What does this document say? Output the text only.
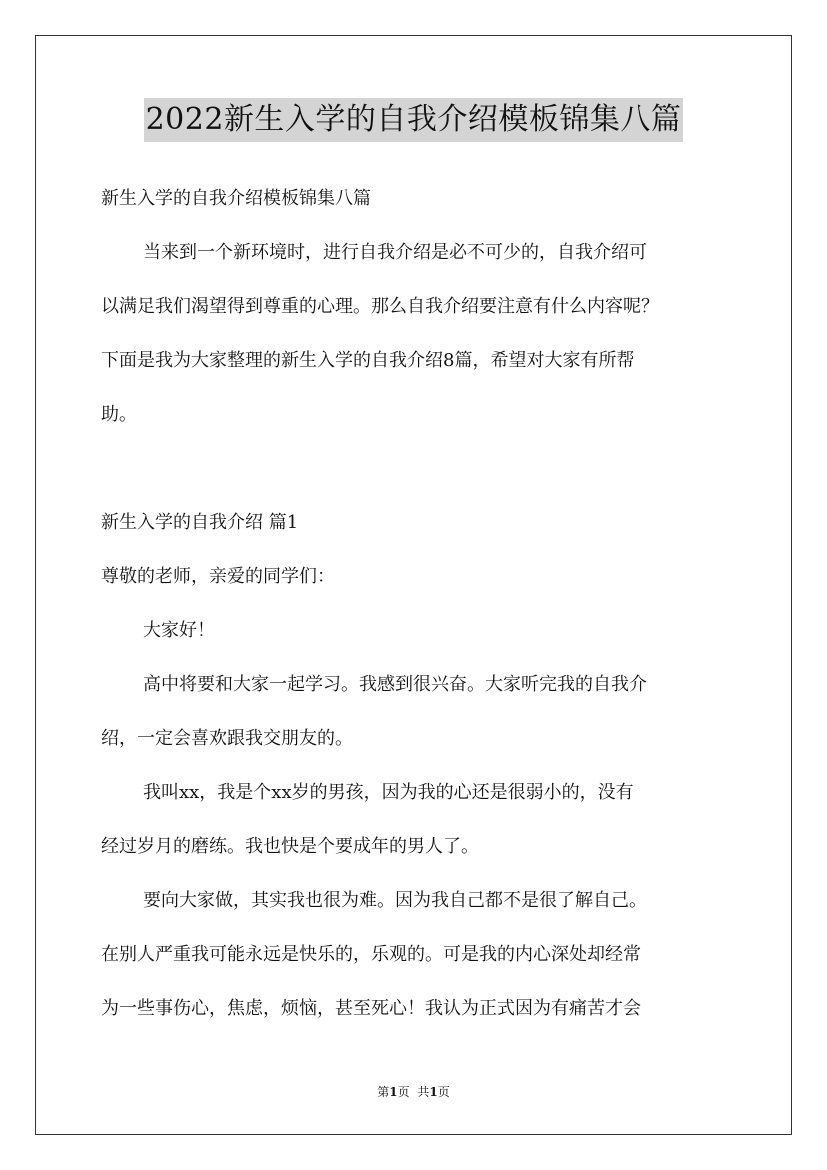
2022新生入学的自我介绍模板锦集八篇

新生入学的自我介绍模板锦集八篇

当来到一个新环境时，进行自我介绍是必不可少的，自我介绍可

以满足我们渴望得到尊重的心理。那么自我介绍要注意有什么内容呢？

下面是我为大家整理的新生入学的自我介绍8篇，希望对大家有所帮

助。

新生入学的自我介绍 篇1

尊敬的老师，亲爱的同学们：

大家好！

高中将要和大家一起学习。我感到很兴奋。大家听完我的自我介

绍，一定会喜欢跟我交朋友的。

我叫xx，我是个xx岁的男孩，因为我的心还是很弱小的，没有

经过岁月的磨练。我也快是个要成年的男人了。

要向大家做，其实我也很为难。因为我自己都不是很了解自己。

在别人严重我可能永远是快乐的，乐观的。可是我的内心深处却经常

为一些事伤心，焦虑，烦恼，甚至死心！我认为正式因为有痛苦才会

第1页 共1页
